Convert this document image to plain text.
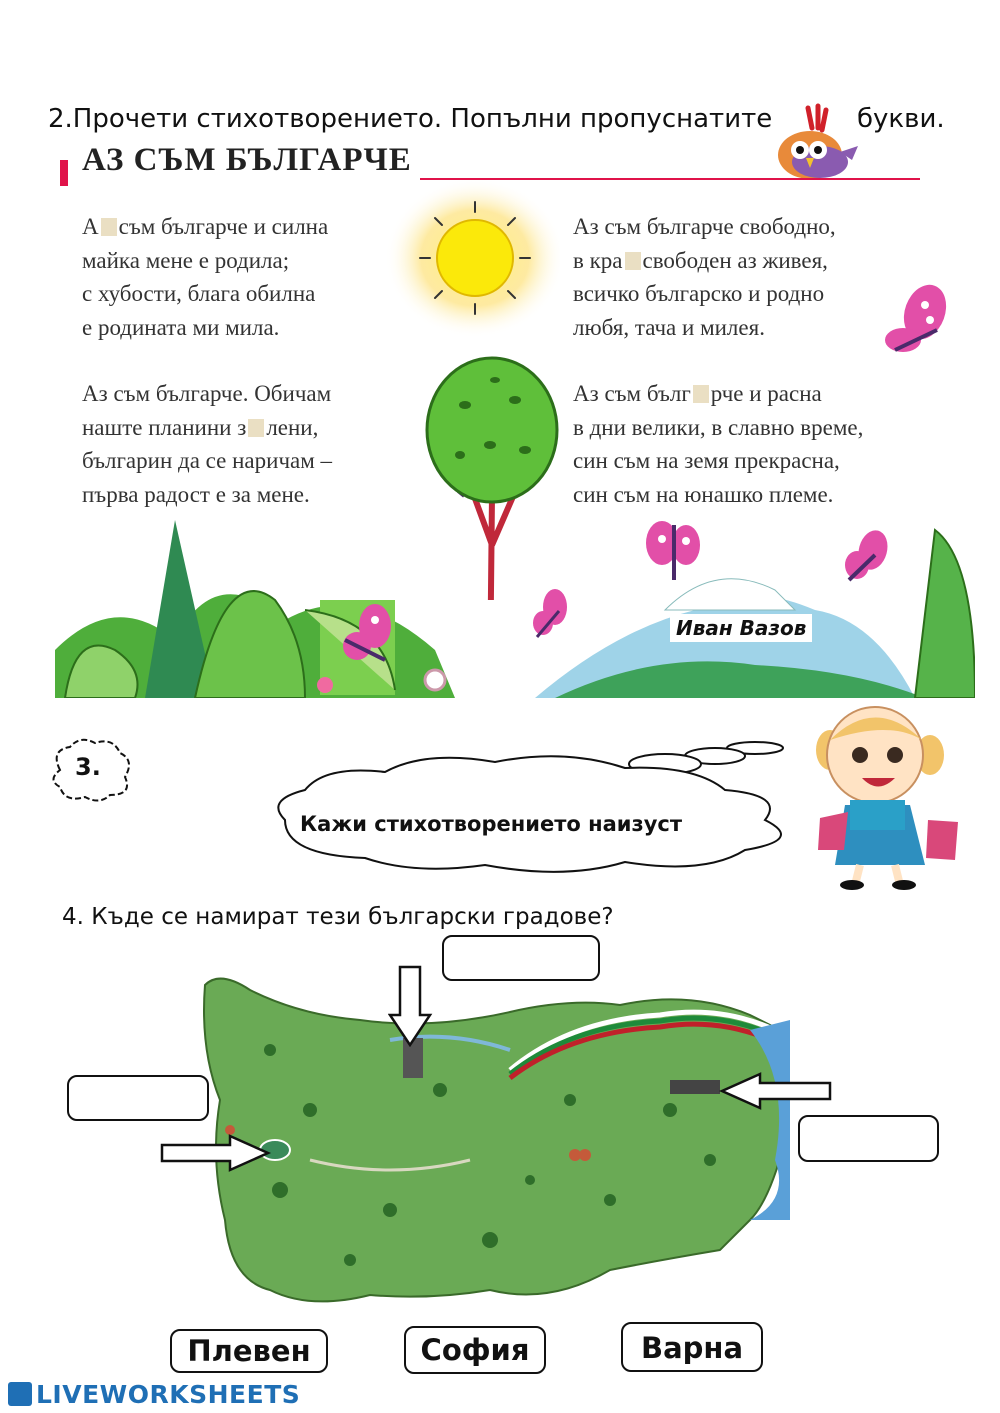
2.Прочети стихотворението. Попълни пропуснатите	букви.
АЗ СЪМ БЪЛГАРЧЕ
А съм българче и силна
майка мене е родила;
с хубости, блага обилна
е родината ми мила.
Аз съм българче. Обичам
наште планини з лени,
българин да се наричам –
първа радост е за мене.
Аз съм българче свободно,
в кра свободен аз живея,
всичко българско и родно
любя, тача и милея.
Аз съм бълг рче и расна
в дни велики, в славно време,
син съм на земя прекрасна,
син съм на юнашко племе.
Иван Вазов
3.
Кажи стихотворението наизуст
4. Къде се намират тези български градове?
Плевен	София	Варна
LIVEWORKSHEETS
